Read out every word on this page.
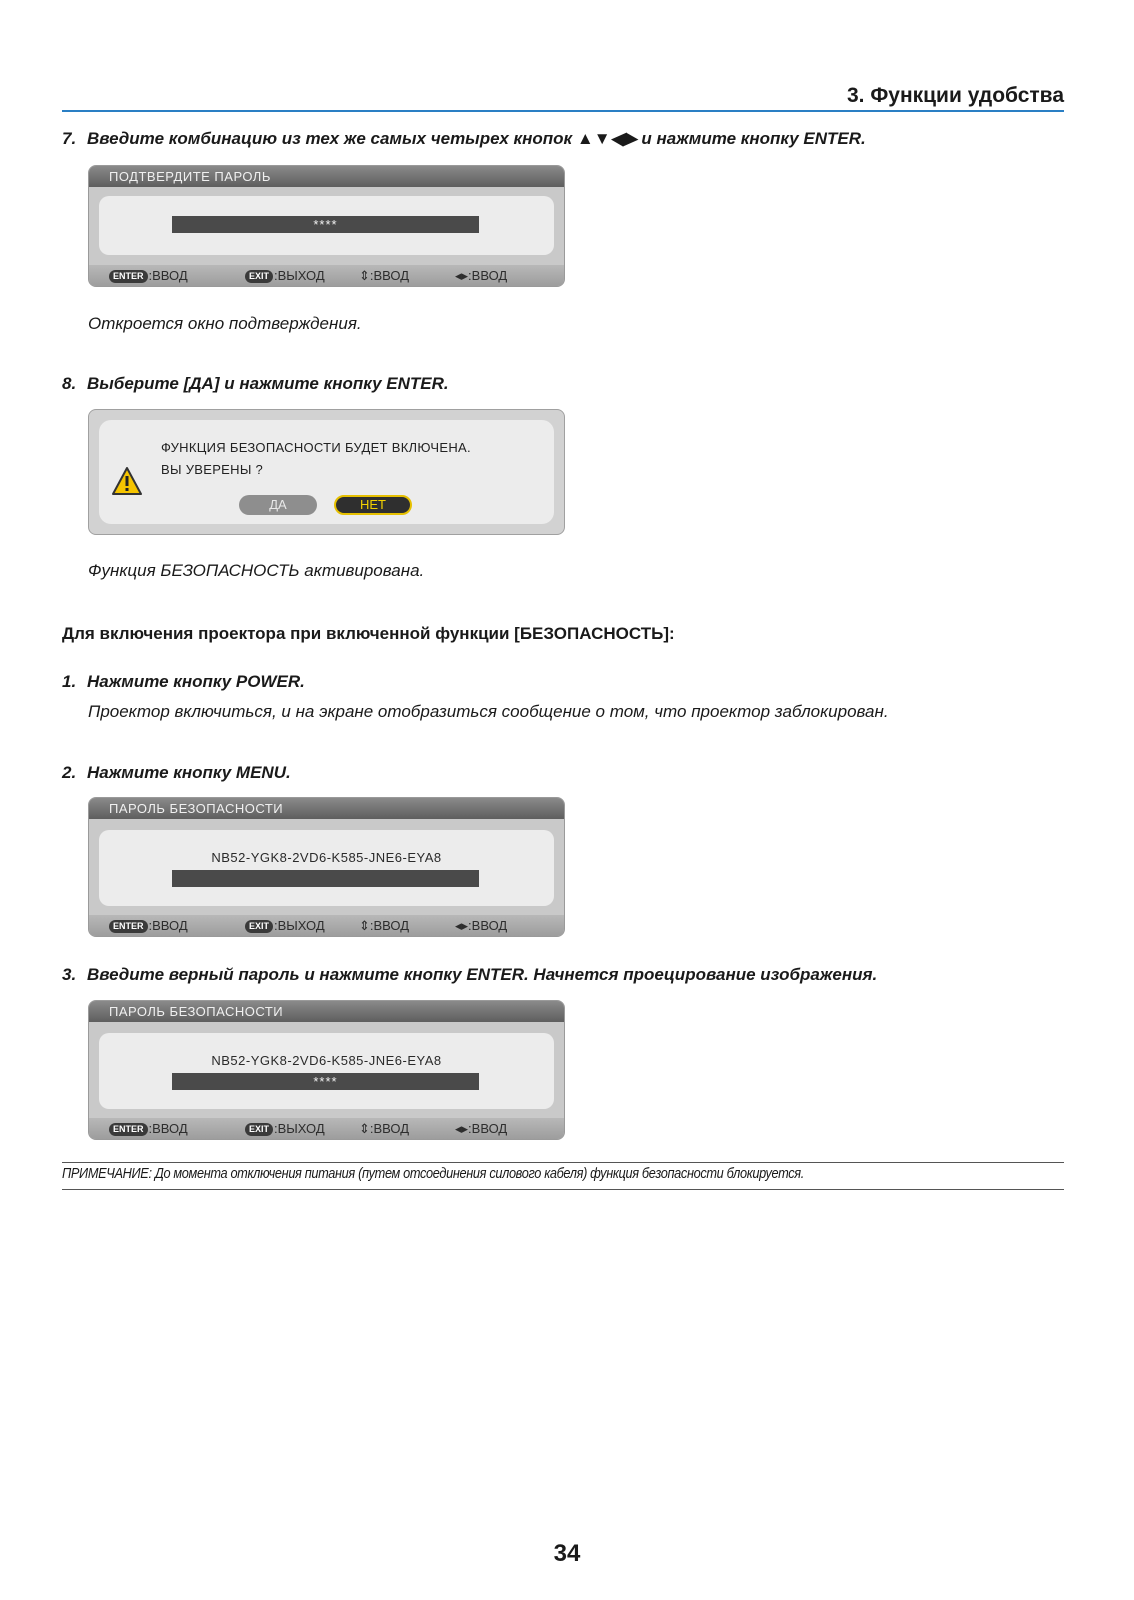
3. Функции удобства
7. Введите комбинацию из тех же самых четырех кнопок ▲▼◀▶ и нажмите кнопку ENTER.
ПОДТВЕРДИТЕ ПАРОЛЬ
****
ENTER :ВВОД	EXIT :ВЫХОД	⇕:ВВОД	◂▸:ВВОД
Откроется окно подтверждения.
8. Выберите [ДА] и нажмите кнопку ENTER.
ФУНКЦИЯ БЕЗОПАСНОСТИ БУДЕТ ВКЛЮЧЕНА.
ВЫ УВЕРЕНЫ ?
ДА	НЕТ
Функция БЕЗОПАСНОСТЬ активирована.
Для включения проектора при включенной функции [БЕЗОПАСНОСТЬ]:
1. Нажмите кнопку POWER.
Проектор включиться, и на экране отобразиться сообщение о том, что проектор заблокирован.
2. Нажмите кнопку MENU.
ПАРОЛЬ БЕЗОПАСНОСТИ
NB52-YGK8-2VD6-K585-JNE6-EYA8
ENTER :ВВОД	EXIT :ВЫХОД	⇕:ВВОД	◂▸:ВВОД
3. Введите верный пароль и нажмите кнопку ENTER. Начнется проецирование изображения.
ПАРОЛЬ БЕЗОПАСНОСТИ
NB52-YGK8-2VD6-K585-JNE6-EYA8
****
ENTER :ВВОД	EXIT :ВЫХОД	⇕:ВВОД	◂▸:ВВОД
ПРИМЕЧАНИЕ: До момента отключения питания (путем отсоединения силового кабеля) функция безопасности блокируется.
34
